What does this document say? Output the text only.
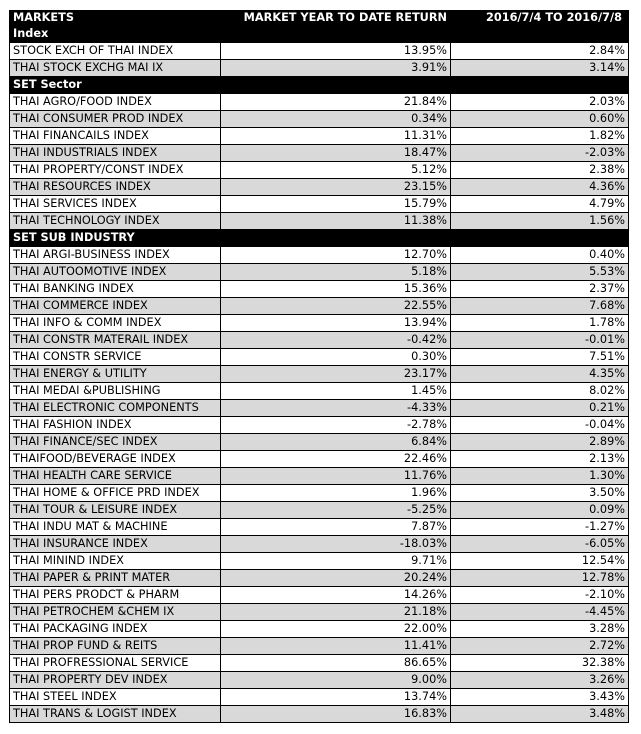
MARKETS	MARKET YEAR TO DATE RETURN	2016/7/4 TO 2016/7/8
Index		
STOCK EXCH OF THAI INDEX	13.95%	2.84%
THAI STOCK EXCHG MAI IX	3.91%	3.14%
SET Sector		
THAI AGRO/FOOD INDEX	21.84%	2.03%
THAI CONSUMER PROD INDEX	0.34%	0.60%
THAI FINANCAILS INDEX	11.31%	1.82%
THAI INDUSTRIALS INDEX	18.47%	-2.03%
THAI PROPERTY/CONST INDEX	5.12%	2.38%
THAI RESOURCES INDEX	23.15%	4.36%
THAI SERVICES INDEX	15.79%	4.79%
THAI TECHNOLOGY INDEX	11.38%	1.56%
SET SUB INDUSTRY		
THAI ARGI-BUSINESS INDEX	12.70%	0.40%
THAI AUTOOMOTIVE INDEX	5.18%	5.53%
THAI BANKING INDEX	15.36%	2.37%
THAI COMMERCE INDEX	22.55%	7.68%
THAI INFO & COMM INDEX	13.94%	1.78%
THAI CONSTR MATERAIL INDEX	-0.42%	-0.01%
THAI CONSTR SERVICE	0.30%	7.51%
THAI ENERGY & UTILITY	23.17%	4.35%
THAI MEDAI &PUBLISHING	1.45%	8.02%
THAI ELECTRONIC COMPONENTS	-4.33%	0.21%
THAI FASHION INDEX	-2.78%	-0.04%
THAI FINANCE/SEC INDEX	6.84%	2.89%
THAIFOOD/BEVERAGE INDEX	22.46%	2.13%
THAI HEALTH CARE SERVICE	11.76%	1.30%
THAI HOME & OFFICE PRD INDEX	1.96%	3.50%
THAI TOUR & LEISURE INDEX	-5.25%	0.09%
THAI INDU MAT & MACHINE	7.87%	-1.27%
THAI INSURANCE INDEX	-18.03%	-6.05%
THAI MININD INDEX	9.71%	12.54%
THAI PAPER & PRINT MATER	20.24%	12.78%
THAI PERS PRODCT & PHARM	14.26%	-2.10%
THAI PETROCHEM &CHEM IX	21.18%	-4.45%
THAI PACKAGING INDEX	22.00%	3.28%
THAI PROP FUND & REITS	11.41%	2.72%
THAI PROFRESSIONAL SERVICE	86.65%	32.38%
THAI PROPERTY DEV INDEX	9.00%	3.26%
THAI STEEL INDEX	13.74%	3.43%
THAI TRANS & LOGIST INDEX	16.83%	3.48%
